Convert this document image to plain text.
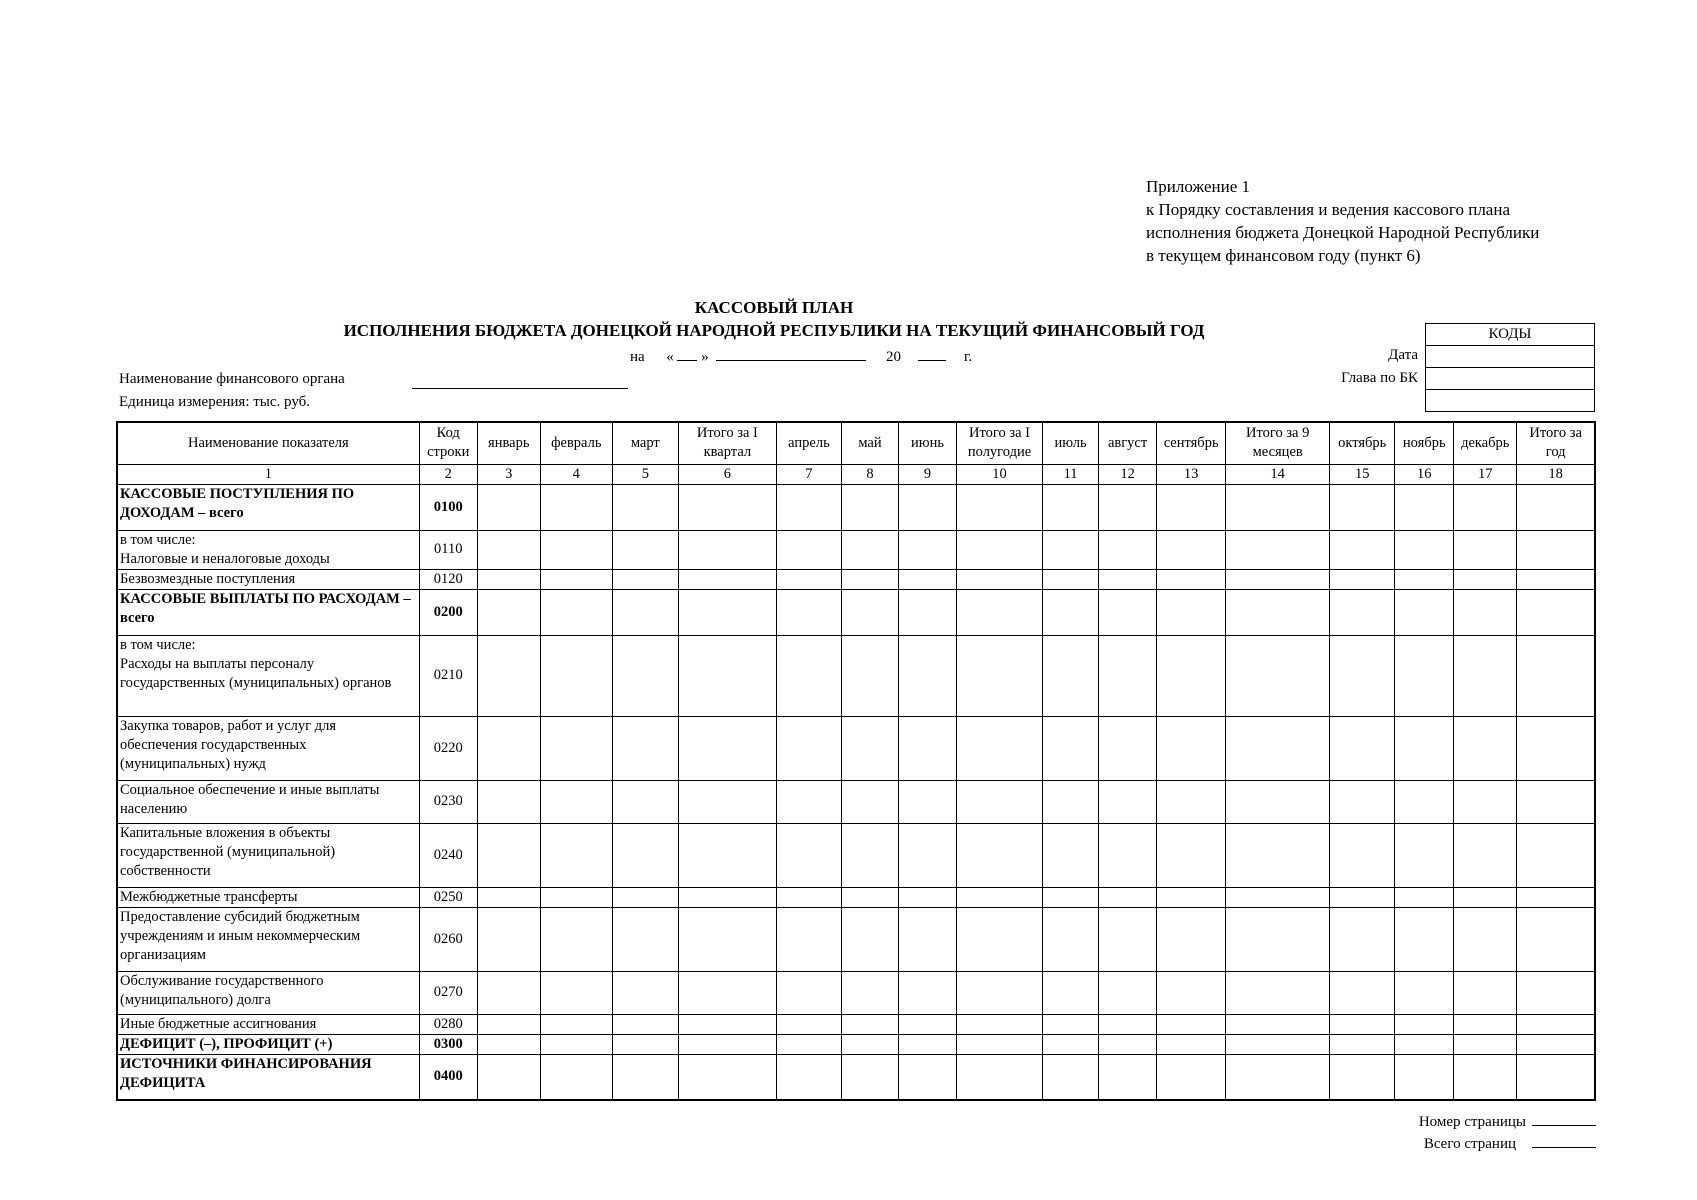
Приложение 1
к Порядку составления и ведения кассового плана
исполнения бюджета Донецкой Народной Республики
в текущем финансовом году (пункт 6)
КАССОВЫЙ ПЛАН
ИСПОЛНЕНИЯ БЮДЖЕТА ДОНЕЦКОЙ НАРОДНОЙ РЕСПУБЛИКИ НА ТЕКУЩИЙ ФИНАНСОВЫЙ ГОД
на « »	20	г.
Наименование финансового органа
Единица измерения: тыс. руб.
Дата
Глава по БК
КОДЫ

Наименование показателя	Код строки	январь	февраль	март	Итого за I квартал	апрель	май	июнь	Итого за I полугодие	июль	август	сентябрь	Итого за 9 месяцев	октябрь	ноябрь	декабрь	Итого за год
1	2	3	4	5	6	7	8	9	10	11	12	13	14	15	16	17	18
КАССОВЫЕ ПОСТУПЛЕНИЯ ПО ДОХОДАМ – всего	0100																
в том числе:
Налоговые и неналоговые доходы	0110																
Безвозмездные поступления	0120																
КАССОВЫЕ ВЫПЛАТЫ ПО РАСХОДАМ – всего	0200																
в том числе:
Расходы на выплаты персоналу государственных (муниципальных) органов	0210																
Закупка товаров, работ и услуг для обеспечения государственных (муниципальных) нужд	0220																
Социальное обеспечение и иные выплаты населению	0230																
Капитальные вложения в объекты государственной (муниципальной) собственности	0240																
Межбюджетные трансферты	0250																
Предоставление субсидий бюджетным учреждениям и иным некоммерческим организациям	0260																
Обслуживание государственного (муниципального) долга	0270																
Иные бюджетные ассигнования	0280																
ДЕФИЦИТ (–), ПРОФИЦИТ (+)	0300																
ИСТОЧНИКИ ФИНАНСИРОВАНИЯ ДЕФИЦИТА	0400																
Номер страницы
Всего страниц
